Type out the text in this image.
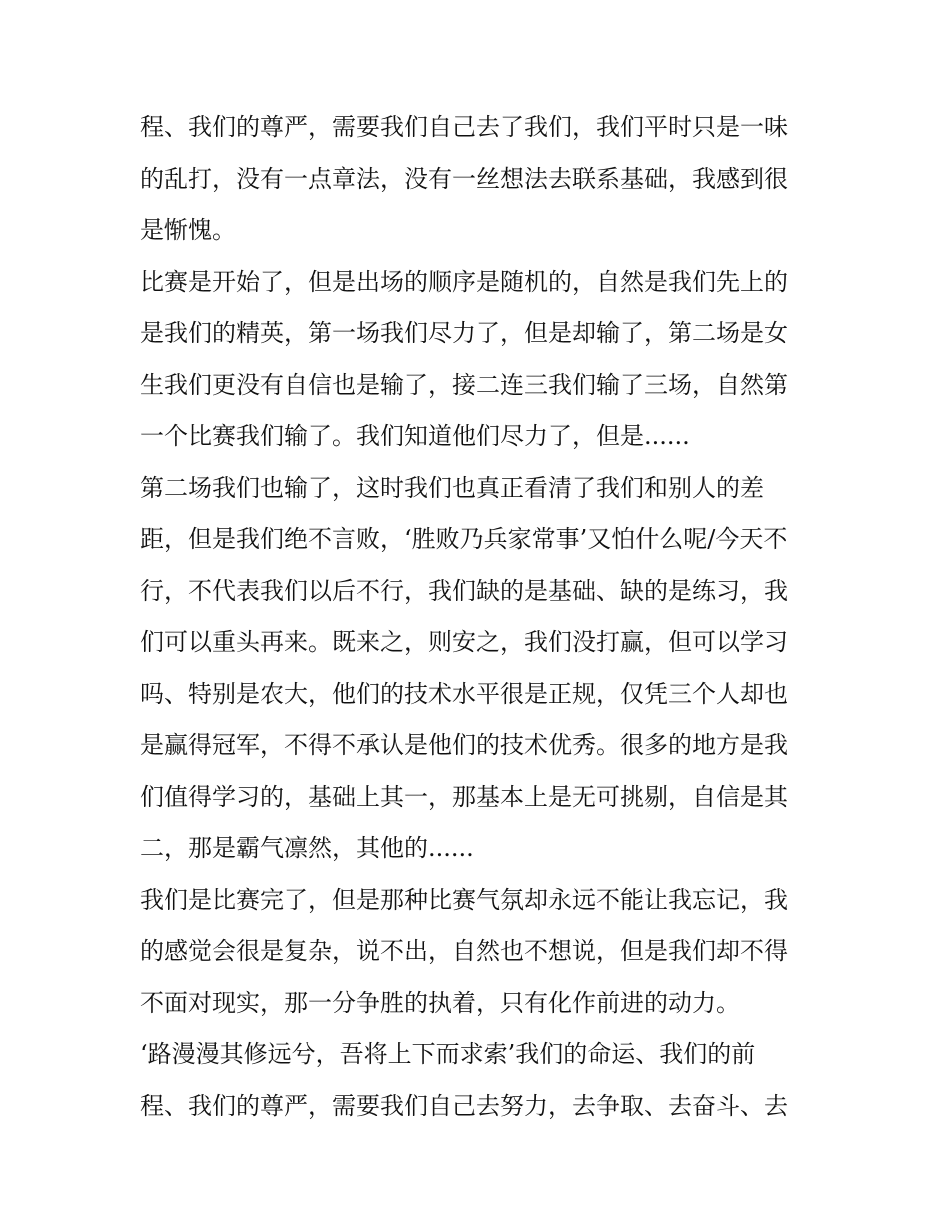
程、我们的尊严，需要我们自己去了我们，我们平时只是一味
的乱打，没有一点章法，没有一丝想法去联系基础，我感到很
是惭愧。

比赛是开始了，但是出场的顺序是随机的，自然是我们先上的
是我们的精英，第一场我们尽力了，但是却输了，第二场是女
生我们更没有自信也是输了，接二连三我们输了三场，自然第
一个比赛我们输了。我们知道他们尽力了，但是......

第二场我们也输了，这时我们也真正看清了我们和别人的差
距，但是我们绝不言败，‘胜败乃兵家常事’又怕什么呢/今天不
行，不代表我们以后不行，我们缺的是基础、缺的是练习，我
们可以重头再来。既来之，则安之，我们没打赢，但可以学习
吗、特别是农大，他们的技术水平很是正规，仅凭三个人却也
是赢得冠军，不得不承认是他们的技术优秀。很多的地方是我
们值得学习的，基础上其一，那基本上是无可挑剔，自信是其
二，那是霸气凛然，其他的......

我们是比赛完了，但是那种比赛气氛却永远不能让我忘记，我
的感觉会很是复杂，说不出，自然也不想说，但是我们却不得
不面对现实，那一分争胜的执着，只有化作前进的动力。

‘路漫漫其修远兮，吾将上下而求索’我们的命运、我们的前
程、我们的尊严，需要我们自己去努力，去争取、去奋斗、去
